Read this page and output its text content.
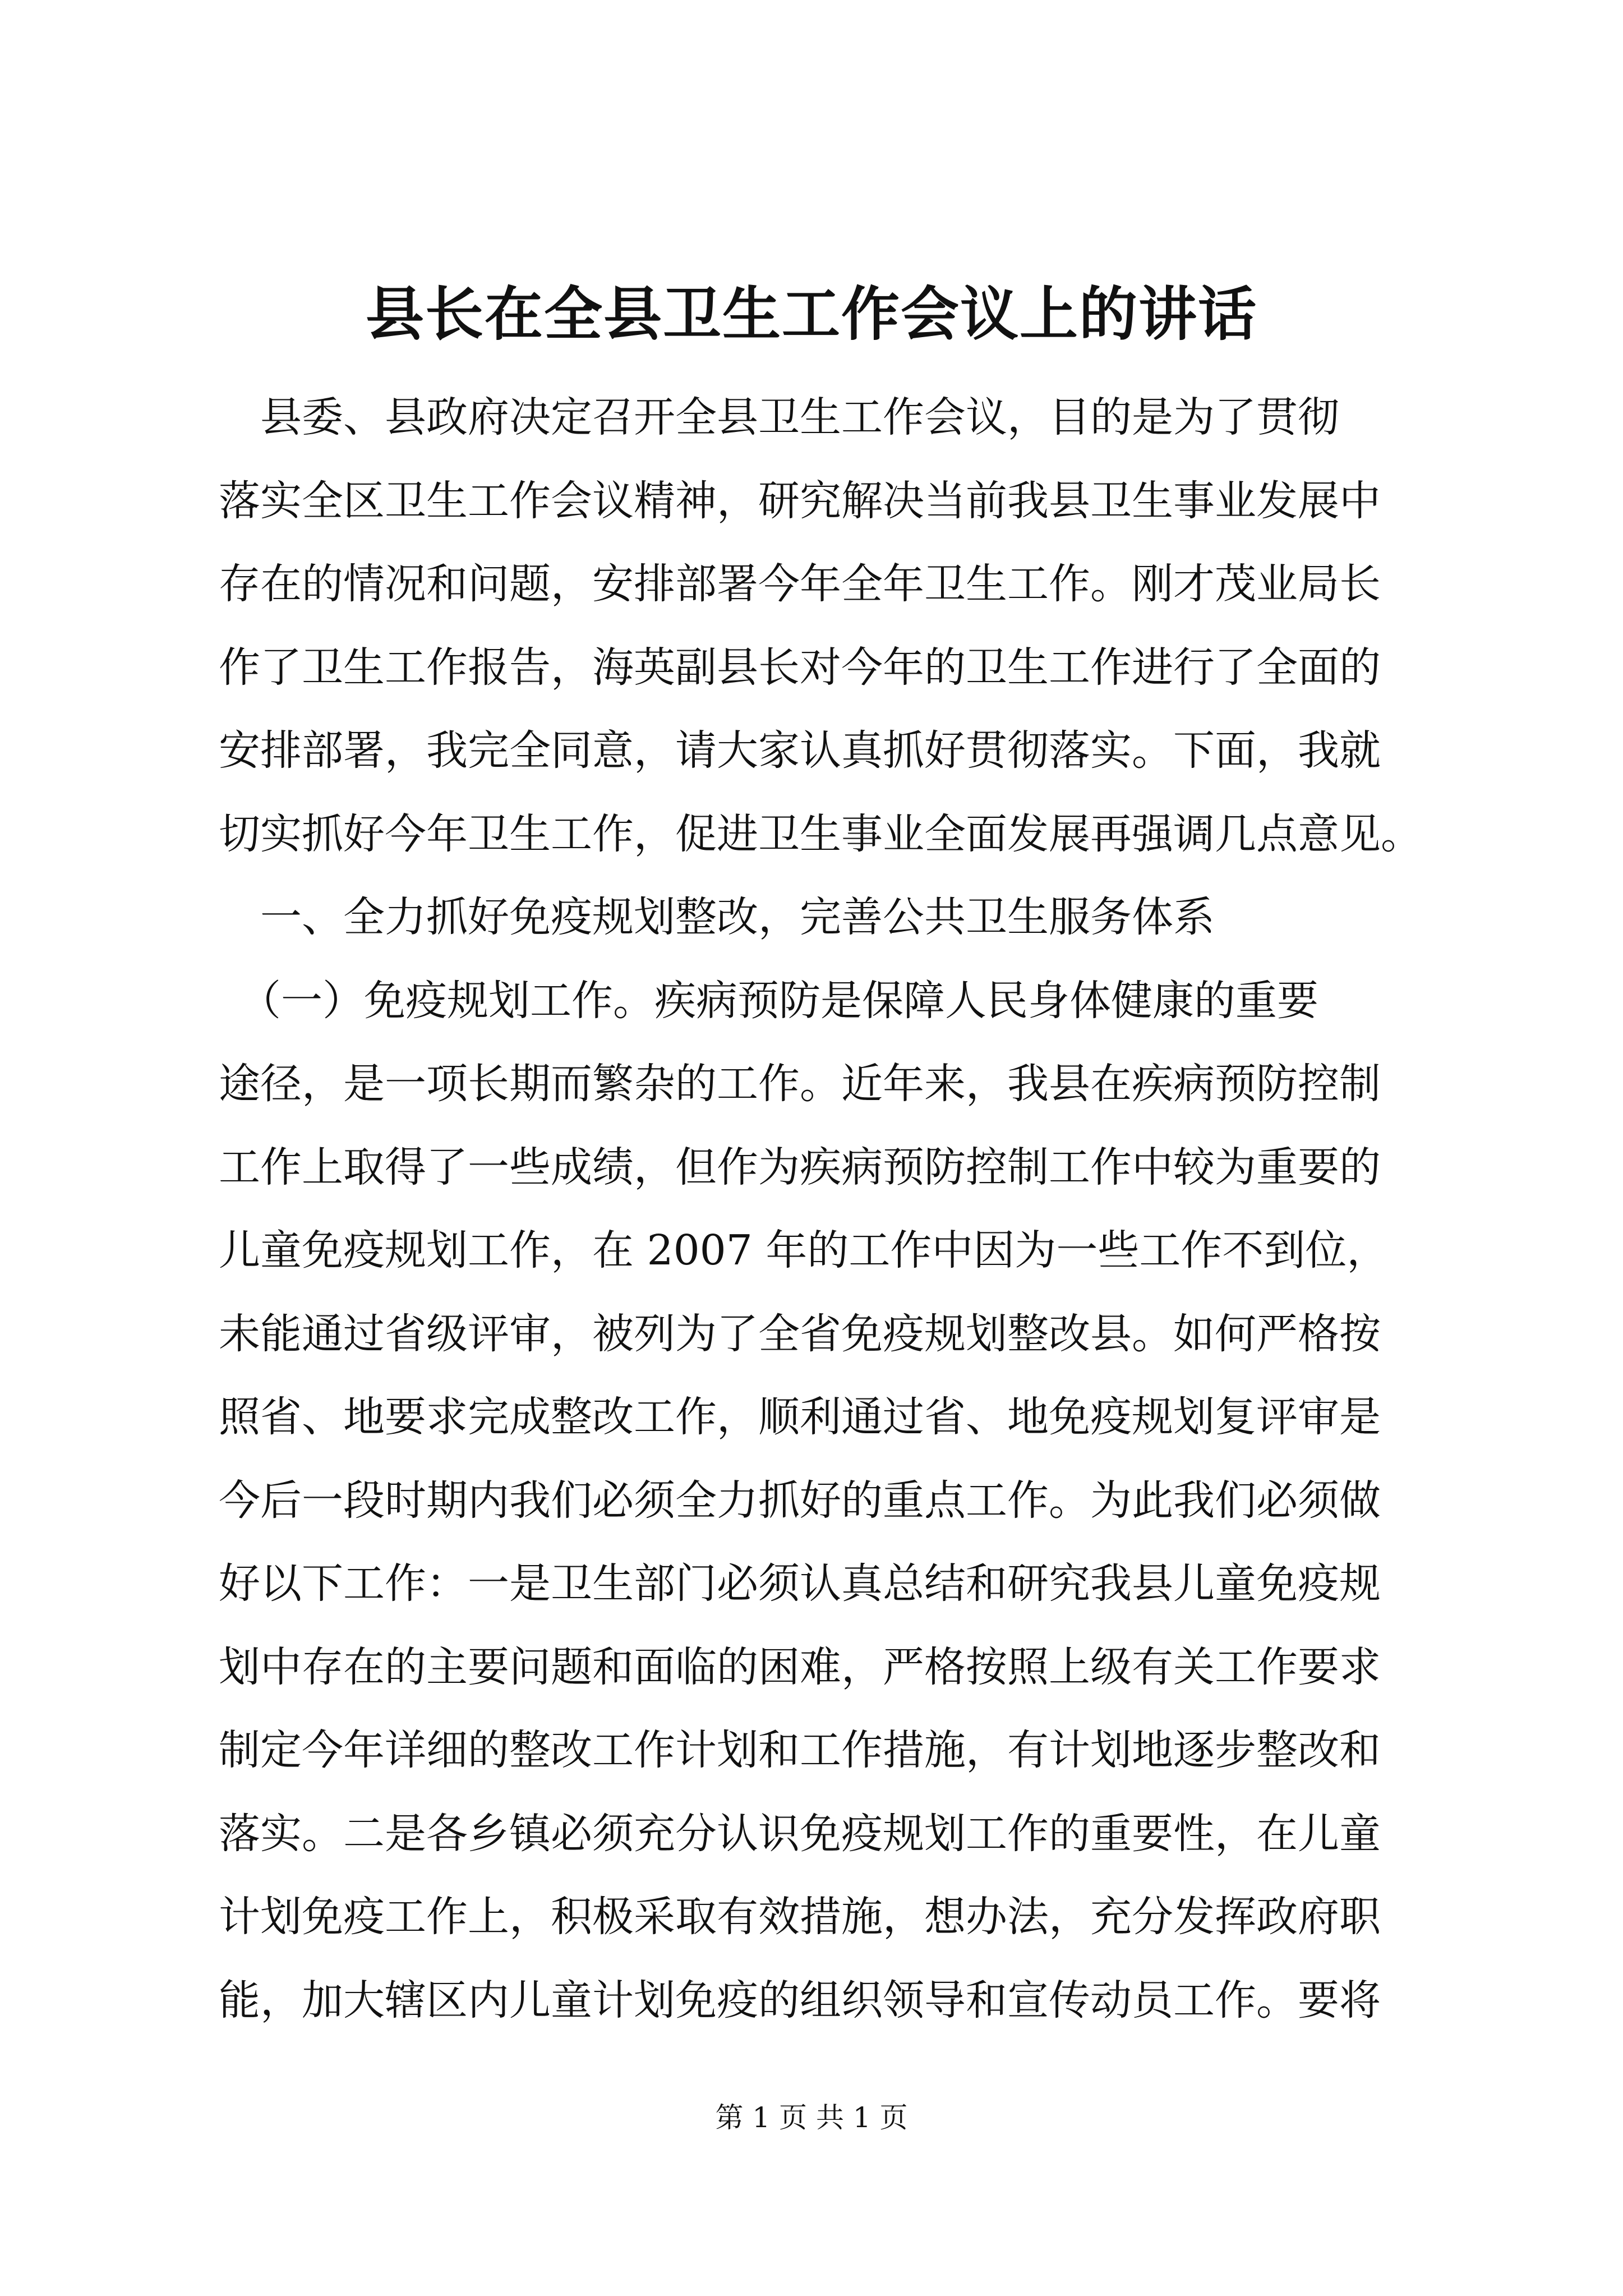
县长在全县卫生工作会议上的讲话
　县委、县政府决定召开全县卫生工作会议，目的是为了贯彻
落实全区卫生工作会议精神，研究解决当前我县卫生事业发展中
存在的情况和问题，安排部署今年全年卫生工作。刚才茂业局长
作了卫生工作报告，海英副县长对今年的卫生工作进行了全面的
安排部署，我完全同意，请大家认真抓好贯彻落实。下面，我就
切实抓好今年卫生工作，促进卫生事业全面发展再强调几点意见。
　一、全力抓好免疫规划整改，完善公共卫生服务体系
　（一）免疫规划工作。疾病预防是保障人民身体健康的重要
途径，是一项长期而繁杂的工作。近年来，我县在疾病预防控制
工作上取得了一些成绩，但作为疾病预防控制工作中较为重要的
儿童免疫规划工作，在 2007 年的工作中因为一些工作不到位，
未能通过省级评审，被列为了全省免疫规划整改县。如何严格按
照省、地要求完成整改工作，顺利通过省、地免疫规划复评审是
今后一段时期内我们必须全力抓好的重点工作。为此我们必须做
好以下工作：一是卫生部门必须认真总结和研究我县儿童免疫规
划中存在的主要问题和面临的困难，严格按照上级有关工作要求
制定今年详细的整改工作计划和工作措施，有计划地逐步整改和
落实。二是各乡镇必须充分认识免疫规划工作的重要性，在儿童
计划免疫工作上，积极采取有效措施，想办法，充分发挥政府职
能，加大辖区内儿童计划免疫的组织领导和宣传动员工作。要将
第 1 页 共 1 页
